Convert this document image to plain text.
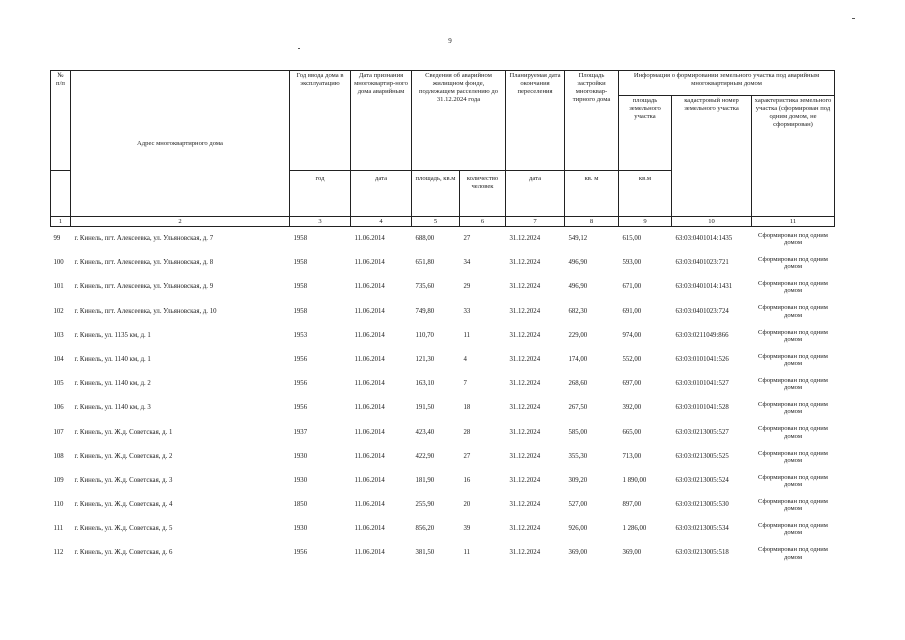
9
№
п/п	Адрес многоквартирного дома	Год ввода дома в эксплуатацию	Дата признания многоквартир-ного дома аварийным	Сведения об аварийном жилищном фонде, подлежащем расселению до 31.12.2024 года		Планируемая дата окончания переселения	Площадь застройки многоквар-тирного дома	Информация о формировании земельного участка под аварийным многоквартирным домом		
								площадь земельного участка	кадастровый номер земельного участка	характеристика земельного участка (сформирован под одним домом, не сформирован)
		год	дата	площадь, кв.м	количество человек	дата	кв. м	кв.м		
1	2	3	4	5	6	7	8	9	10	11
99	г. Кинель, пгт. Алексеевка, ул. Ульяновская, д. 7	1958	11.06.2014	688,00	27	31.12.2024	549,12	615,00	63:03:0401014:1435	Сформирован под одним домом
100	г. Кинель, пгт. Алексеевка, ул. Ульяновская, д. 8	1958	11.06.2014	651,80	34	31.12.2024	496,90	593,00	63:03:0401023:721	Сформирован под одним домом
101	г. Кинель, пгт. Алексеевка, ул. Ульяновская, д. 9	1958	11.06.2014	735,60	29	31.12.2024	496,90	671,00	63:03:0401014:1431	Сформирован под одним домом
102	г. Кинель, пгт. Алексеевка, ул. Ульяновская, д. 10	1958	11.06.2014	749,80	33	31.12.2024	682,30	691,00	63:03:0401023:724	Сформирован под одним домом
103	г. Кинель, ул. 1135 км, д. 1	1953	11.06.2014	110,70	11	31.12.2024	229,00	974,00	63:03:0211049:866	Сформирован под одним домом
104	г. Кинель, ул. 1140 км, д. 1	1956	11.06.2014	121,30	4	31.12.2024	174,00	552,00	63:03:0101041:526	Сформирован под одним домом
105	г. Кинель, ул. 1140 км, д. 2	1956	11.06.2014	163,10	7	31.12.2024	268,60	697,00	63:03:0101041:527	Сформирован под одним домом
106	г. Кинель, ул. 1140 км, д. 3	1956	11.06.2014	191,50	18	31.12.2024	267,50	392,00	63:03:0101041:528	Сформирован под одним домом
107	г. Кинель, ул. Ж.д. Советская, д. 1	1937	11.06.2014	423,40	28	31.12.2024	585,00	665,00	63:03:0213005:527	Сформирован под одним домом
108	г. Кинель, ул. Ж.д. Советская, д. 2	1930	11.06.2014	422,90	27	31.12.2024	355,30	713,00	63:03:0213005:525	Сформирован под одним домом
109	г. Кинель, ул. Ж.д. Советская, д. 3	1930	11.06.2014	181,90	16	31.12.2024	309,20	1 890,00	63:03:0213005:524	Сформирован под одним домом
110	г. Кинель, ул. Ж.д. Советская, д. 4	1850	11.06.2014	255,90	20	31.12.2024	527,00	897,00	63:03:0213005:530	Сформирован под одним домом
111	г. Кинель, ул. Ж.д. Советская, д. 5	1930	11.06.2014	856,20	39	31.12.2024	926,00	1 286,00	63:03:0213005:534	Сформирован под одним домом
112	г. Кинель, ул. Ж.д. Советская, д. 6	1956	11.06.2014	381,50	11	31.12.2024	369,00	369,00	63:03:0213005:518	Сформирован под одним домом
